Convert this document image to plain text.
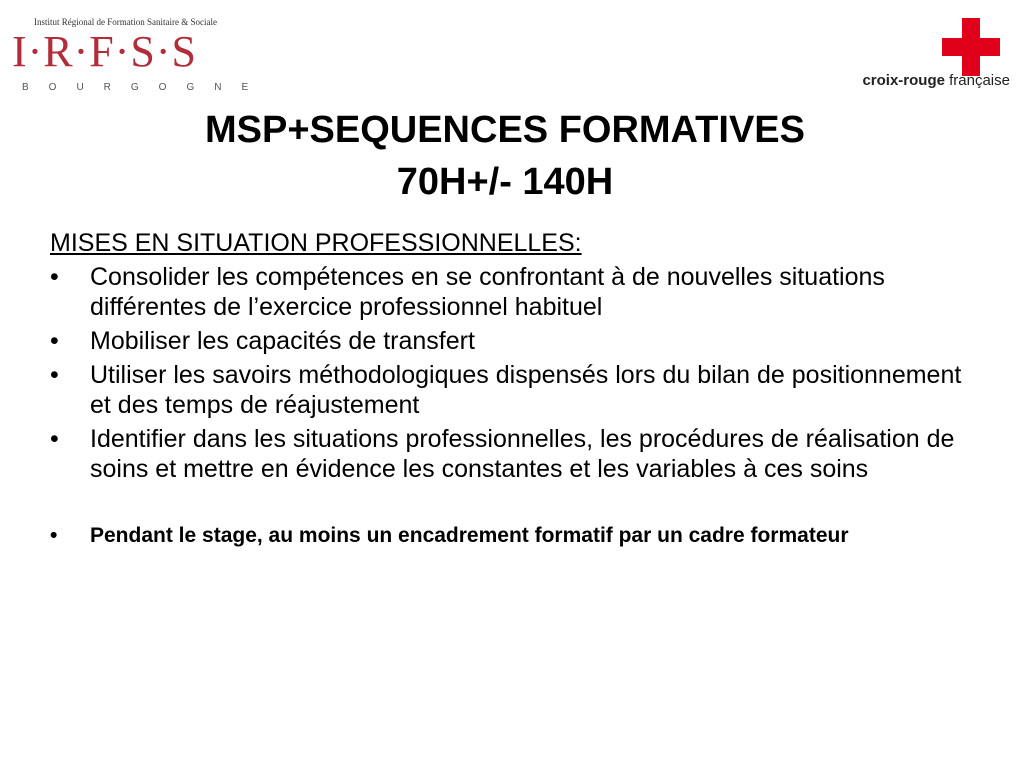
Institut Régional de Formation Sanitaire & Sociale
I·R·F·S·S
BOURGOGNE	croix-rouge française
MSP+SEQUENCES FORMATIVES
70H+/- 140H
MISES EN SITUATION PROFESSIONNELLES:
• Consolider les compétences en se confrontant à de nouvelles situations différentes de l’exercice professionnel habituel
• Mobiliser les capacités de transfert
• Utiliser les savoirs méthodologiques dispensés lors du bilan de positionnement et des temps de réajustement
• Identifier dans les situations professionnelles, les procédures de réalisation de soins et mettre en évidence les constantes et les variables à ces soins
• Pendant le stage, au moins un encadrement formatif par un cadre formateur
